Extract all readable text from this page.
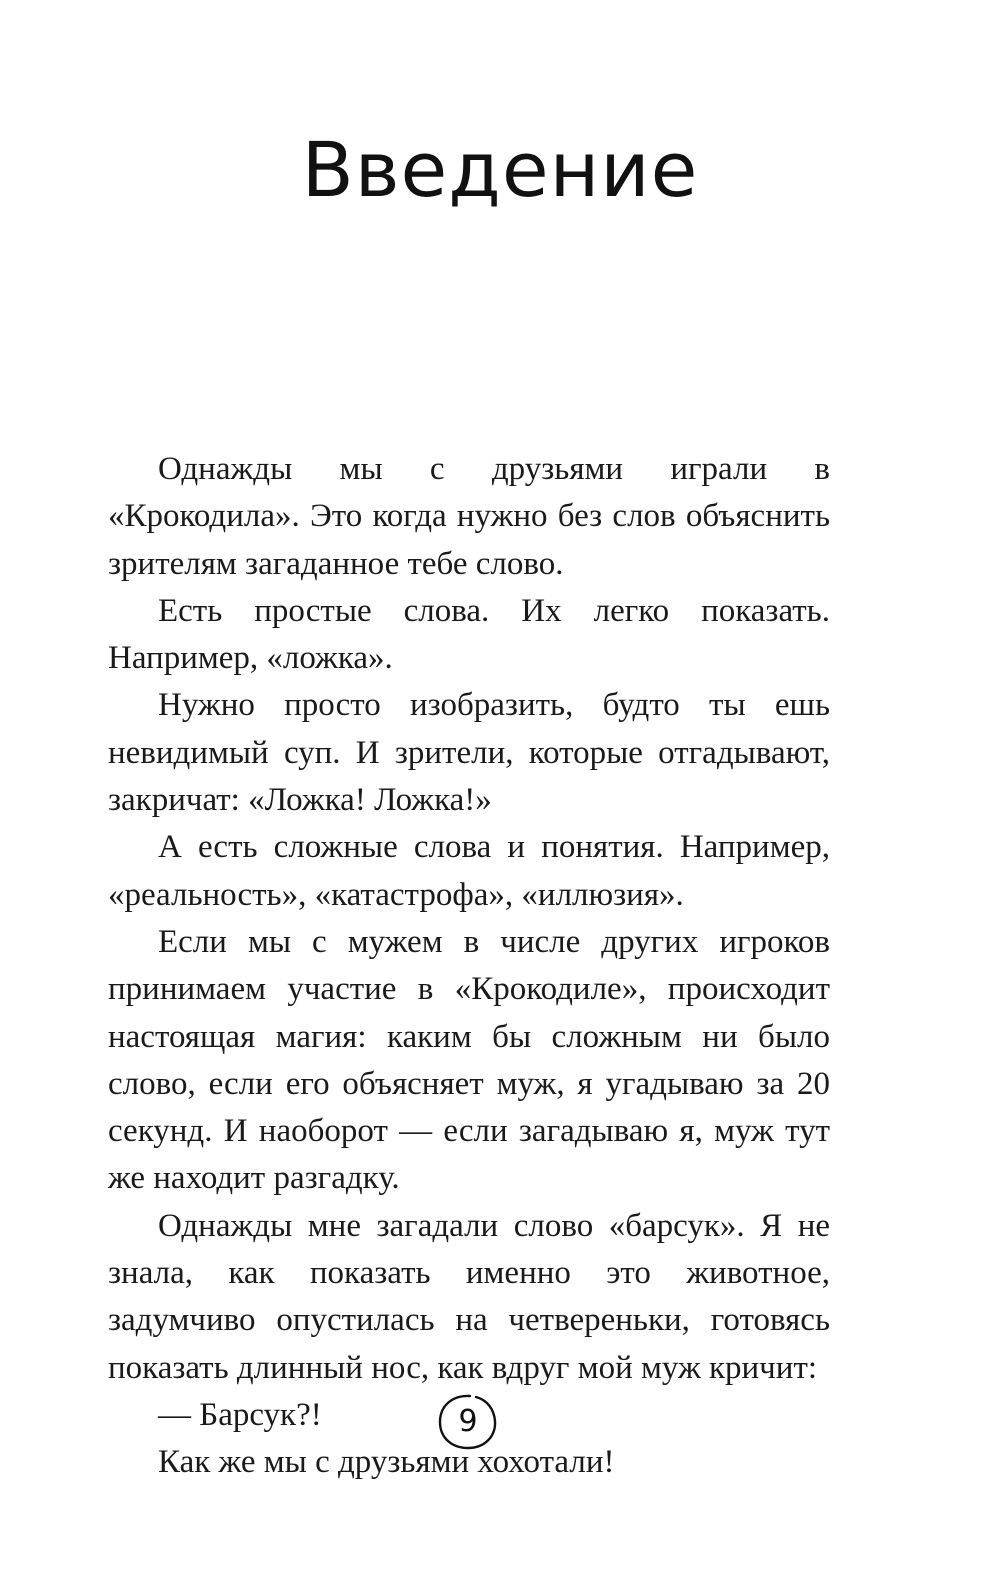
Введение

Однажды мы с друзьями играли в «Крокодила». Это когда нужно без слов объяснить зрителям загаданное тебе слово.

Есть простые слова. Их легко показать. Например, «ложка».

Нужно просто изобразить, будто ты ешь невидимый суп. И зрители, которые отгадывают, закричат: «Ложка! Ложка!»

А есть сложные слова и понятия. Например, «реальность», «катастрофа», «иллюзия».

Если мы с мужем в числе других игроков принимаем участие в «Крокодиле», происходит настоящая магия: каким бы сложным ни было слово, если его объясняет муж, я угадываю за 20 секунд. И наоборот — если загадываю я, муж тут же находит разгадку.

Однажды мне загадали слово «барсук». Я не знала, как показать именно это животное, задумчиво опустилась на четвереньки, готовясь показать длинный нос, как вдруг мой муж кричит:

— Барсук?!

Как же мы с друзьями хохотали!

9
